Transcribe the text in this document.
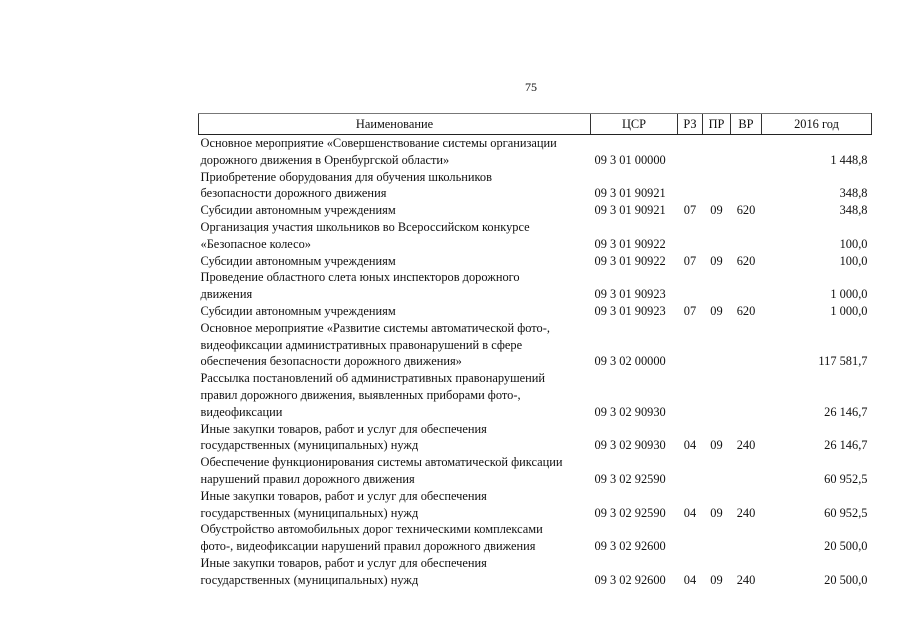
75
Наименование	ЦСР	РЗ	ПР	ВР	2016 год
Основное мероприятие «Совершенствование системы организации
дорожного движения в Оренбургской области»	09 3 01 00000				1 448,8
Приобретение оборудования для обучения школьников
безопасности дорожного движения	09 3 01 90921				348,8
Субсидии автономным учреждениям	09 3 01 90921	07	09	620	348,8
Организация участия школьников во Всероссийском конкурсе
«Безопасное колесо»	09 3 01 90922				100,0
Субсидии автономным учреждениям	09 3 01 90922	07	09	620	100,0
Проведение областного слета юных инспекторов дорожного
движения	09 3 01 90923				1 000,0
Субсидии автономным учреждениям	09 3 01 90923	07	09	620	1 000,0
Основное мероприятие «Развитие системы автоматической фото-,
видеофиксации административных правонарушений в сфере
обеспечения безопасности дорожного движения»	09 3 02 00000				117 581,7
Рассылка постановлений об административных правонарушений
правил дорожного движения, выявленных приборами фото-,
видеофиксации	09 3 02 90930				26 146,7
Иные закупки товаров, работ и услуг для обеспечения
государственных (муниципальных) нужд	09 3 02 90930	04	09	240	26 146,7
Обеспечение функционирования системы автоматической фиксации
нарушений правил дорожного движения	09 3 02 92590				60 952,5
Иные закупки товаров, работ и услуг для обеспечения
государственных (муниципальных) нужд	09 3 02 92590	04	09	240	60 952,5
Обустройство автомобильных дорог техническими комплексами
фото-, видеофиксации нарушений правил дорожного движения	09 3 02 92600				20 500,0
Иные закупки товаров, работ и услуг для обеспечения
государственных (муниципальных) нужд	09 3 02 92600	04	09	240	20 500,0
